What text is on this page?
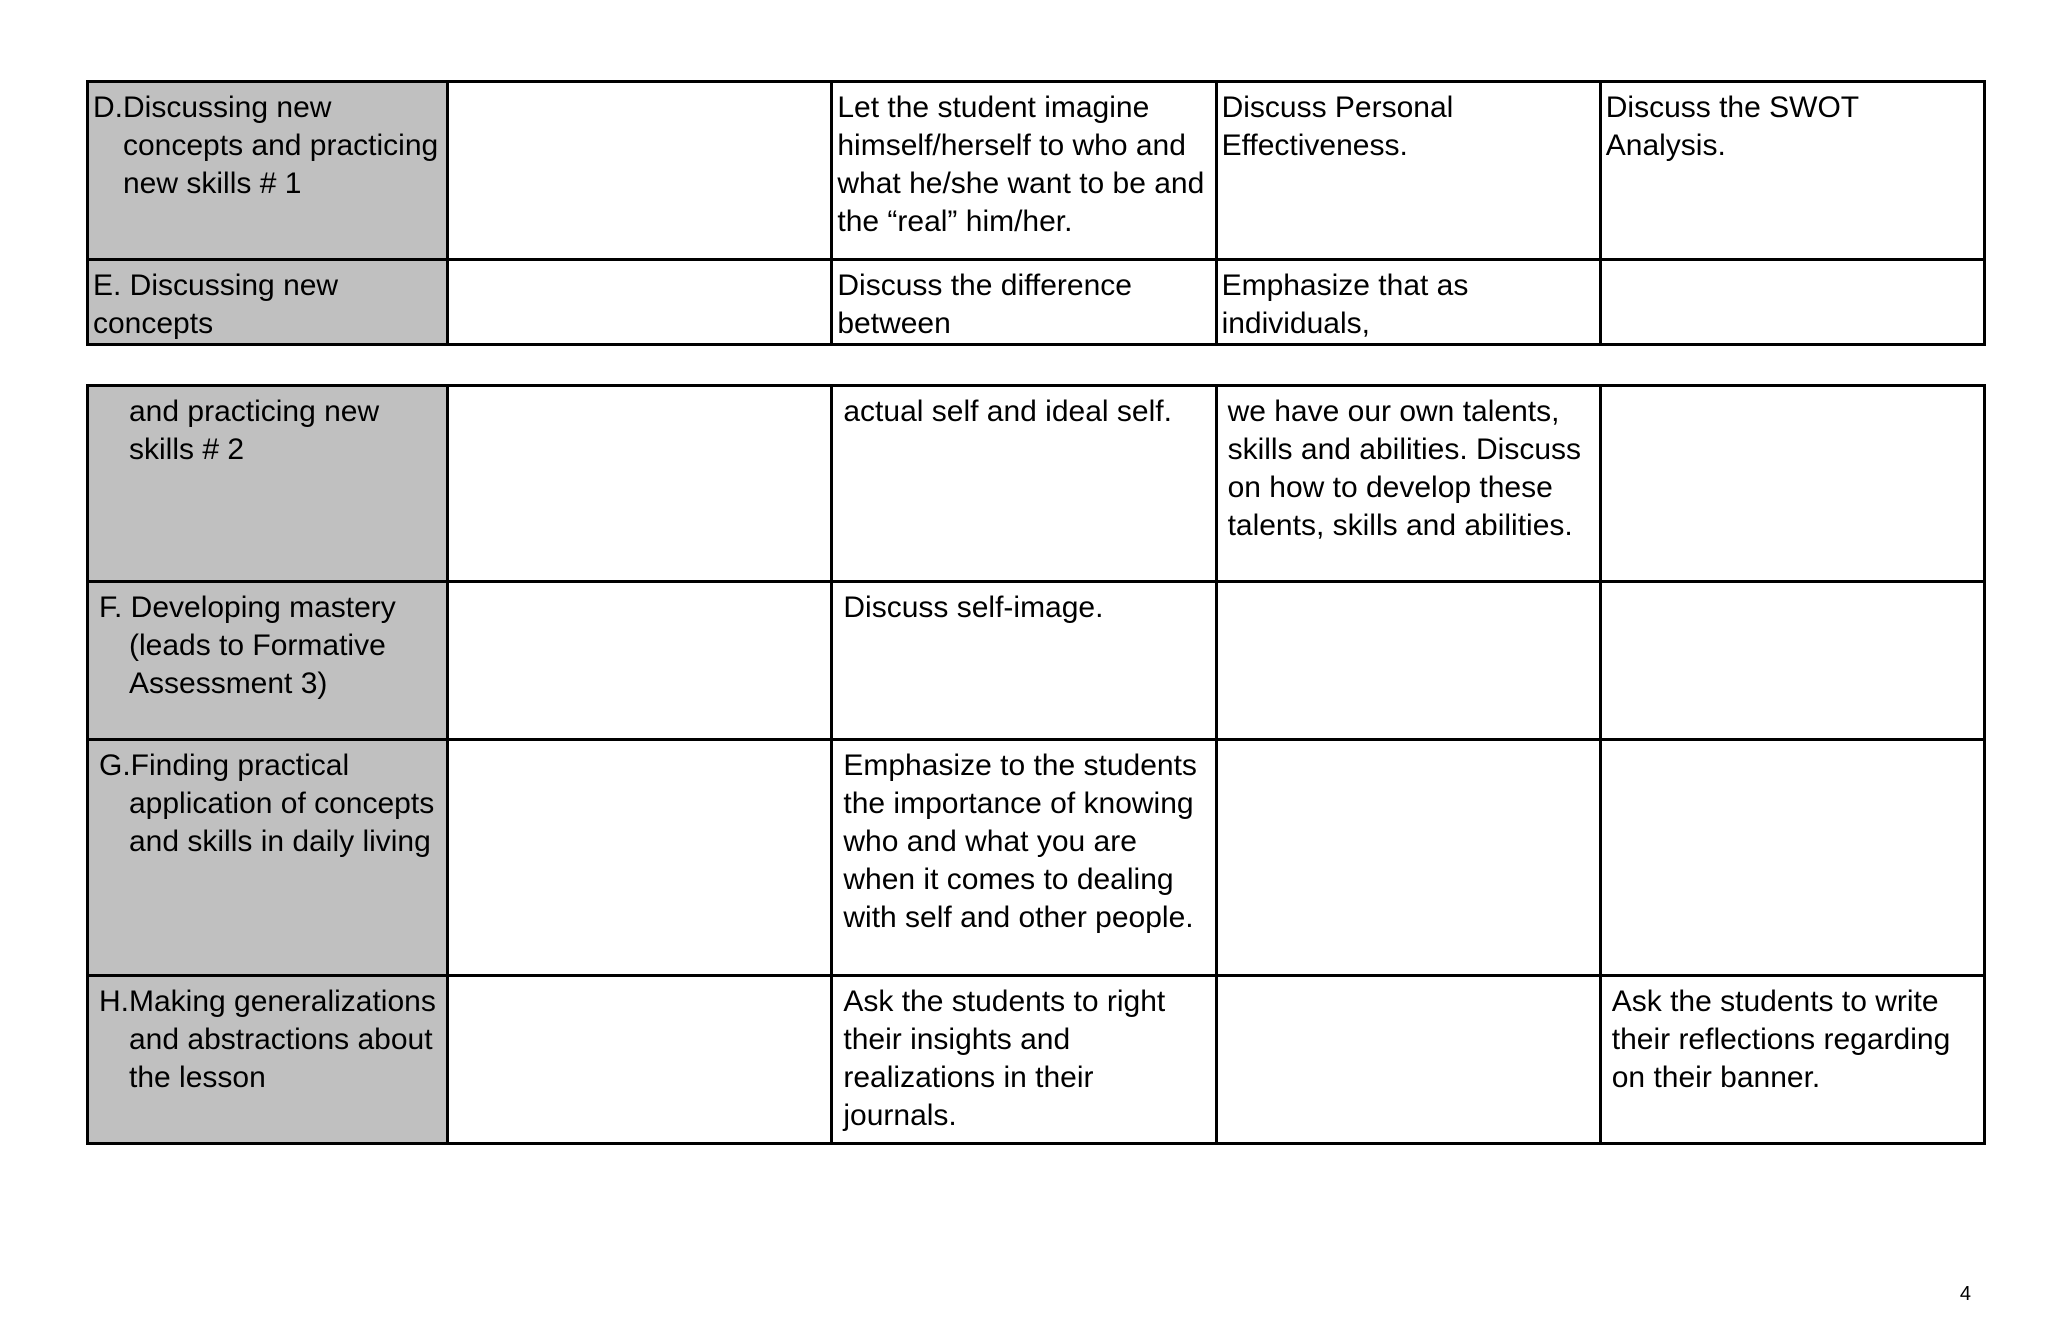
D.Discussing new concepts and practicing new skills # 1		Let the student imagine himself/herself to who and what he/she want to be and the “real” him/her.	Discuss Personal Effectiveness.	Discuss the SWOT Analysis.
E. Discussing new concepts		Discuss the difference between	Emphasize that as individuals,	
and practicing new skills # 2		actual self and ideal self.	we have our own talents, skills and abilities. Discuss on how to develop these talents, skills and abilities.	

F. Developing mastery (leads to Formative Assessment 3)		Discuss self-image.		

G.Finding practical application of concepts and skills in daily living		Emphasize to the students the importance of knowing who and what you are when it comes to dealing with self and other people.		

H.Making generalizations and abstractions about the lesson		Ask the students to right their insights and realizations in their journals.		Ask the students to write their reflections regarding on their banner.
4
